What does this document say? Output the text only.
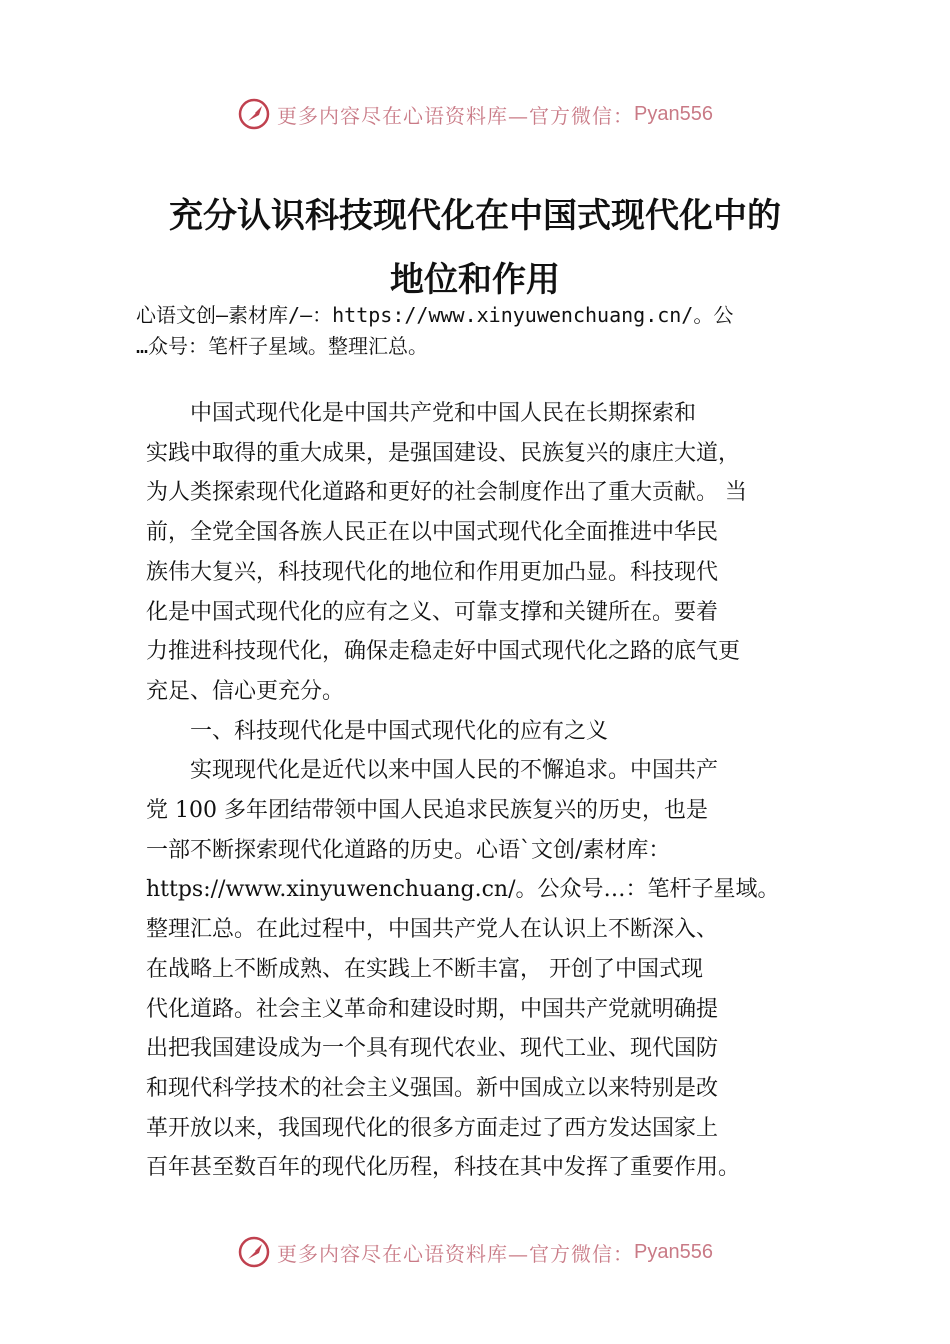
更多内容尽在心语资料库—官方微信： Pyan556
充分认识科技现代化在中国式现代化中的
地位和作用
心语文创—素材库/—：https://www.xinyuwenchuang.cn/。公
…众号：笔杆子星域。整理汇总。
　　中国式现代化是中国共产党和中国人民在长期探索和
实践中取得的重大成果，是强国建设、民族复兴的康庄大道，
为人类探索现代化道路和更好的社会制度作出了重大贡献。 当
前，全党全国各族人民正在以中国式现代化全面推进中华民
族伟大复兴，科技现代化的地位和作用更加凸显。科技现代
化是中国式现代化的应有之义、可靠支撑和关键所在。要着
力推进科技现代化，确保走稳走好中国式现代化之路的底气更
充足、信心更充分。
　　一、科技现代化是中国式现代化的应有之义
　　实现现代化是近代以来中国人民的不懈追求。中国共产
党 100 多年团结带领中国人民追求民族复兴的历史，也是
一部不断探索现代化道路的历史。心语`文创/素材库：
https://www.xinyuwenchuang.cn/。公众号…：笔杆子星域。
整理汇总。在此过程中，中国共产党人在认识上不断深入、
在战略上不断成熟、在实践上不断丰富， 开创了中国式现
代化道路。社会主义革命和建设时期，中国共产党就明确提
出把我国建设成为一个具有现代农业、现代工业、现代国防
和现代科学技术的社会主义强国。新中国成立以来特别是改
革开放以来，我国现代化的很多方面走过了西方发达国家上
百年甚至数百年的现代化历程，科技在其中发挥了重要作用。
更多内容尽在心语资料库—官方微信： Pyan556
